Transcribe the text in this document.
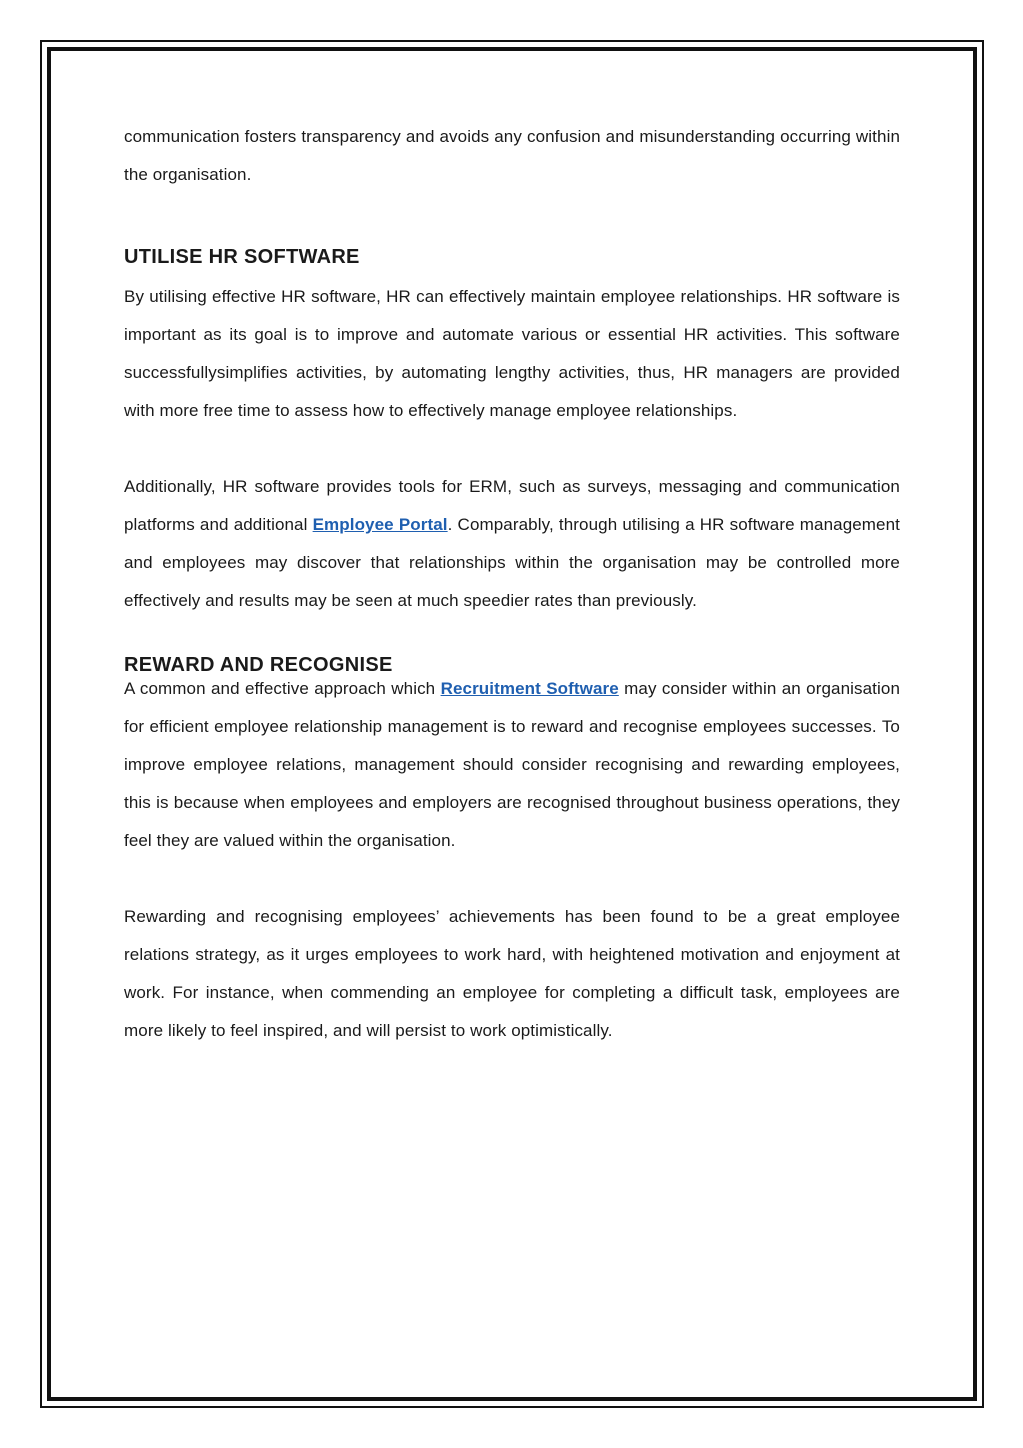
communication fosters transparency and avoids any confusion and misunderstanding occurring within the organisation.

UTILISE HR SOFTWARE

By utilising effective HR software, HR can effectively maintain employee relationships. HR software is important as its goal is to improve and automate various or essential HR activities. This software successfullysimplifies activities, by automating lengthy activities, thus, HR managers are provided with more free time to assess how to effectively manage employee relationships.

Additionally, HR software provides tools for ERM, such as surveys, messaging and communication platforms and additional Employee Portal. Comparably, through utilising a HR software management and employees may discover that relationships within the organisation may be controlled more effectively and results may be seen at much speedier rates than previously.

REWARD AND RECOGNISE

A common and effective approach which Recruitment Software may consider within an organisation for efficient employee relationship management is to reward and recognise employees successes. To improve employee relations, management should consider recognising and rewarding employees, this is because when employees and employers are recognised throughout business operations, they feel they are valued within the organisation.

Rewarding and recognising employees’ achievements has been found to be a great employee relations strategy, as it urges employees to work hard, with heightened motivation and enjoyment at work. For instance, when commending an employee for completing a difficult task, employees are more likely to feel inspired, and will persist to work optimistically.
